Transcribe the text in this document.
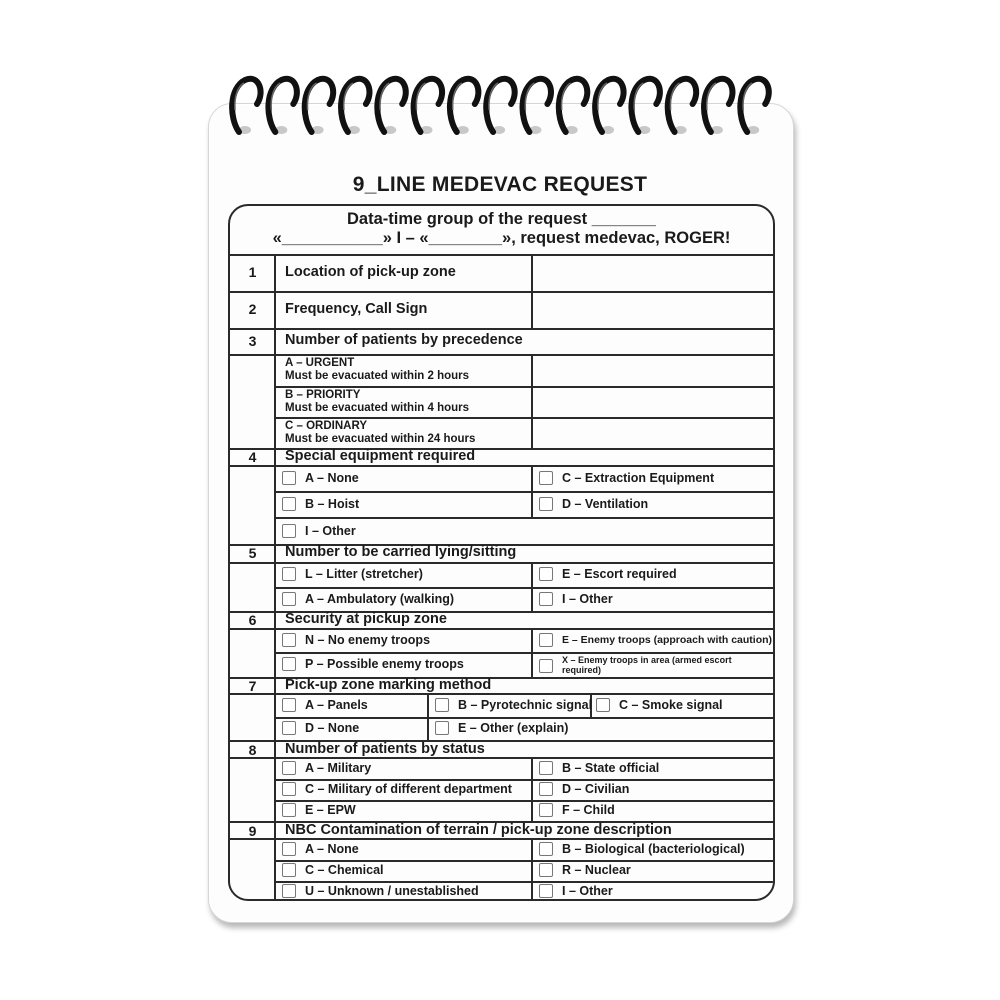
9_LINE MEDEVAC REQUEST
Data-time group of the request _______
«___________» I – «________», request medevac, ROGER!
1	Location of pick-up zone
2	Frequency, Call Sign
3	Number of patients by precedence
A – URGENT
Must be evacuated within 2 hours
B – PRIORITY
Must be evacuated within 4 hours
C – ORDINARY
Must be evacuated within 24 hours
4	Special equipment required
A – None	C – Extraction Equipment
B – Hoist	D – Ventilation
I – Other
5	Number to be carried lying/sitting
L – Litter (stretcher)	E – Escort required
A – Ambulatory (walking)	I – Other
6	Security at pickup zone
N – No enemy troops	E – Enemy troops (approach with caution)
P – Possible enemy troops	X – Enemy troops in area (armed escort required)
7	Pick-up zone marking method
A – Panels	B – Pyrotechnic signal C – Smoke signal
D – None	E – Other (explain)
8	Number of patients by status
A – Military	B – State official
C – Military of different department	D – Civilian
E – EPW	F – Child
9	NBC Contamination of terrain / pick-up zone description
A – None	B – Biological (bacteriological)
C – Chemical	R – Nuclear
U – Unknown / unestablished	I – Other
